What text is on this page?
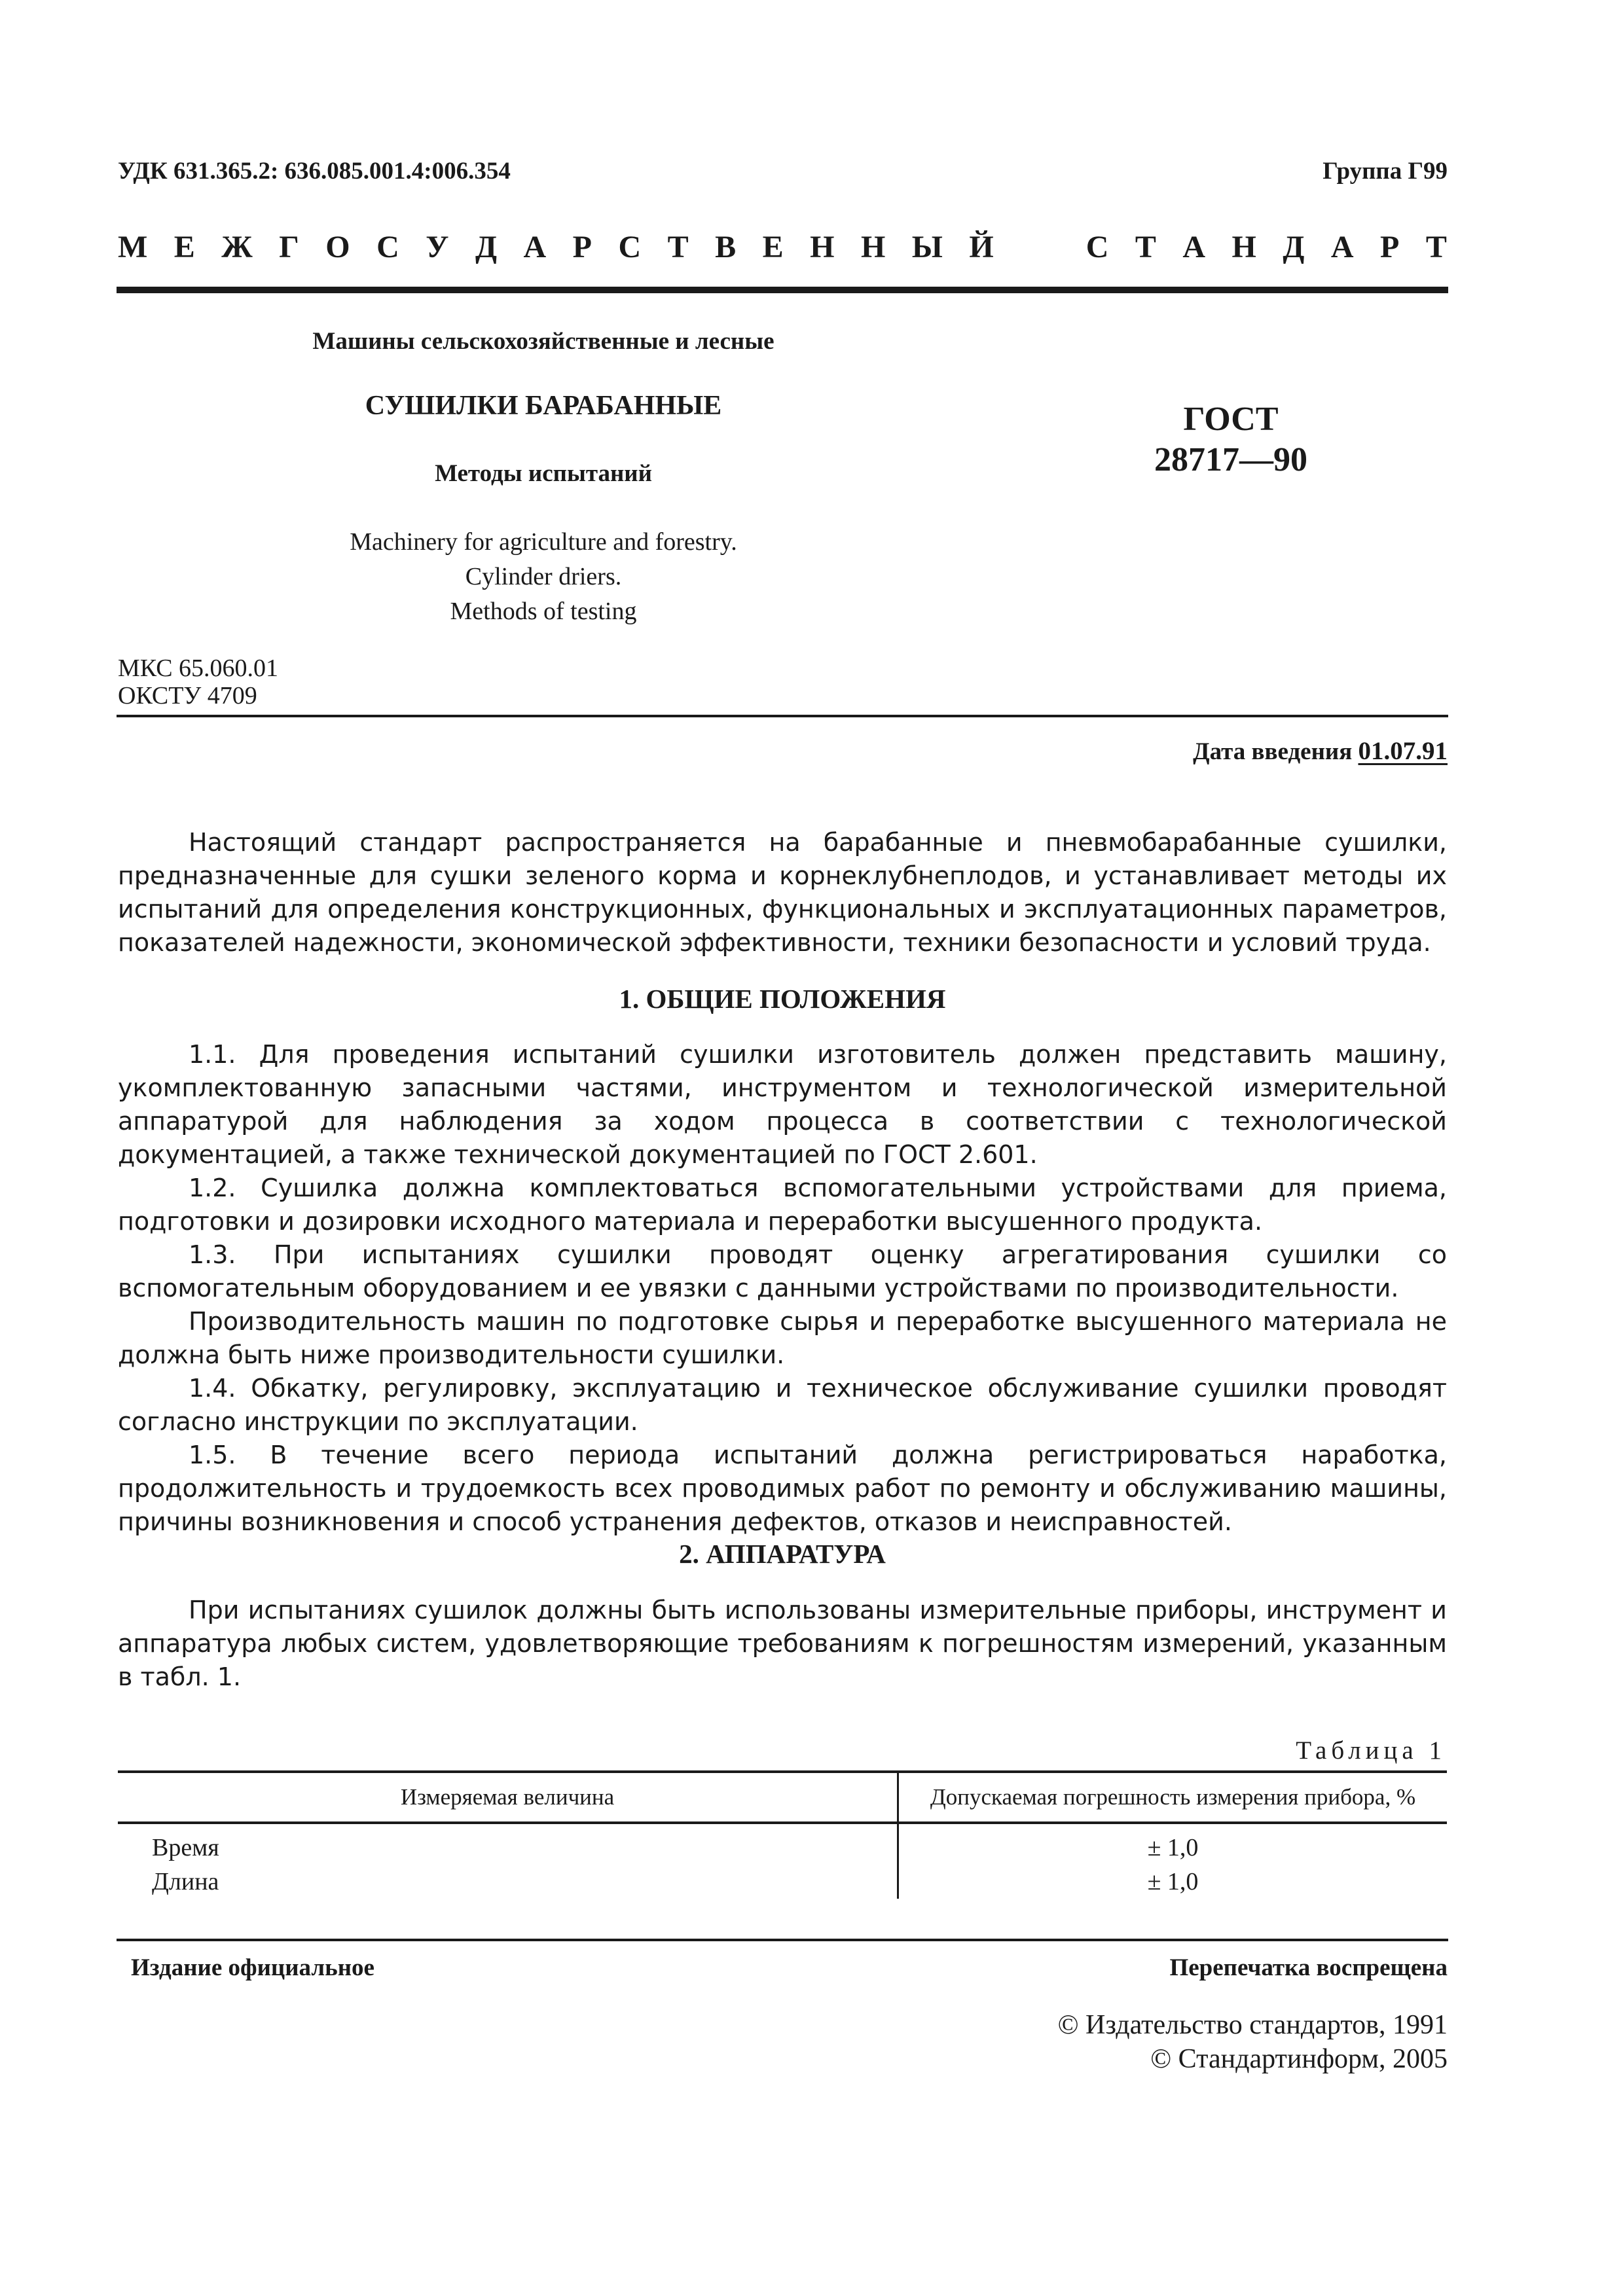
УДК 631.365.2: 636.085.001.4:006.354	Группа Г99
М Е Ж Г О С У Д А Р С Т В Е Н Н Ы Й	С Т А Н Д А Р Т
Машины сельскохозяйственные и лесные
СУШИЛКИ БАРАБАННЫЕ
Методы испытаний
Machinery for agriculture and forestry.
Cylinder driers.
Methods of testing
ГОСТ
28717—90
МКС 65.060.01
ОКСТУ 4709
Дата введения 01.07.91
Настоящий стандарт распространяется на барабанные и пневмобарабанные сушилки, предназначенные для сушки зеленого корма и корнеклубнеплодов, и устанавливает методы их испытаний для определения конструкционных, функциональных и эксплуатационных параметров, показателей надежности, экономической эффективности, техники безопасности и условий труда.
1. ОБЩИЕ ПОЛОЖЕНИЯ

1.1. Для проведения испытаний сушилки изготовитель должен представить машину, укомплектованную запасными частями, инструментом и технологической измерительной аппаратурой для наблюдения за ходом процесса в соответствии с технологической документацией, а также технической документацией по ГОСТ 2.601.

1.2. Сушилка должна комплектоваться вспомогательными устройствами для приема, подготовки и дозировки исходного материала и переработки высушенного продукта.

1.3. При испытаниях сушилки проводят оценку агрегатирования сушилки со вспомогательным оборудованием и ее увязки с данными устройствами по производительности.

Производительность машин по подготовке сырья и переработке высушенного материала не должна быть ниже производительности сушилки.

1.4. Обкатку, регулировку, эксплуатацию и техническое обслуживание сушилки проводят согласно инструкции по эксплуатации.

1.5. В течение всего периода испытаний должна регистрироваться наработка, продолжительность и трудоемкость всех проводимых работ по ремонту и обслуживанию машины, причины возникновения и способ устранения дефектов, отказов и неисправностей.

2. АППАРАТУРА
При испытаниях сушилок должны быть использованы измерительные приборы, инструмент и аппаратура любых систем, удовлетворяющие требованиям к погрешностям измерений, указанным в табл. 1.
Таблица 1
Измеряемая величина	Допускаемая погрешность измерения прибора, %
Время	± 1,0
Длина	± 1,0
Издание официальное	Перепечатка воспрещена
© Издательство стандартов, 1991
© Стандартинформ, 2005
